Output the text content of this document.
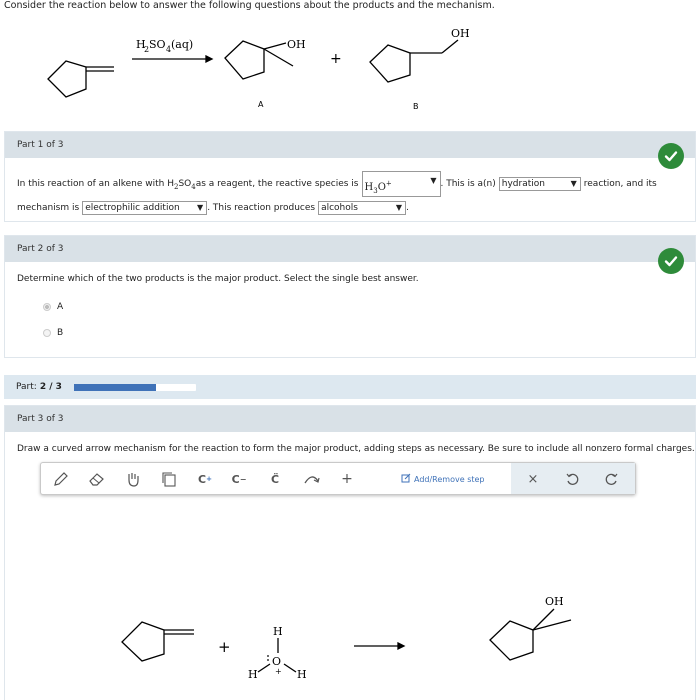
Consider the reaction below to answer the following questions about the products and the mechanism.
H
2 SO 4 (aq)	OH
+
OH
A	B
Part 1 of 3
In this reaction of an alkene with H 2 SO 4 as a reagent, the reactive species is $H_3O^+$	▼ . This is a(n) hydration	▼ reaction, and its
mechanism is electrophilic addition ▼ . This reaction produces alcohols	▼ .
Part 2 of 3
Determine which of the two products is the major product. Select the single best answer.
A
B
Part: 2 / 3
Part 3 of 3
Draw a curved arrow mechanism for the reaction to form the major product, adding steps as necessary. Be sure to include all nonzero formal charges.
C + C −	C̈	+	Add/Remove step	×
+
H
O
+
H	H
OH
